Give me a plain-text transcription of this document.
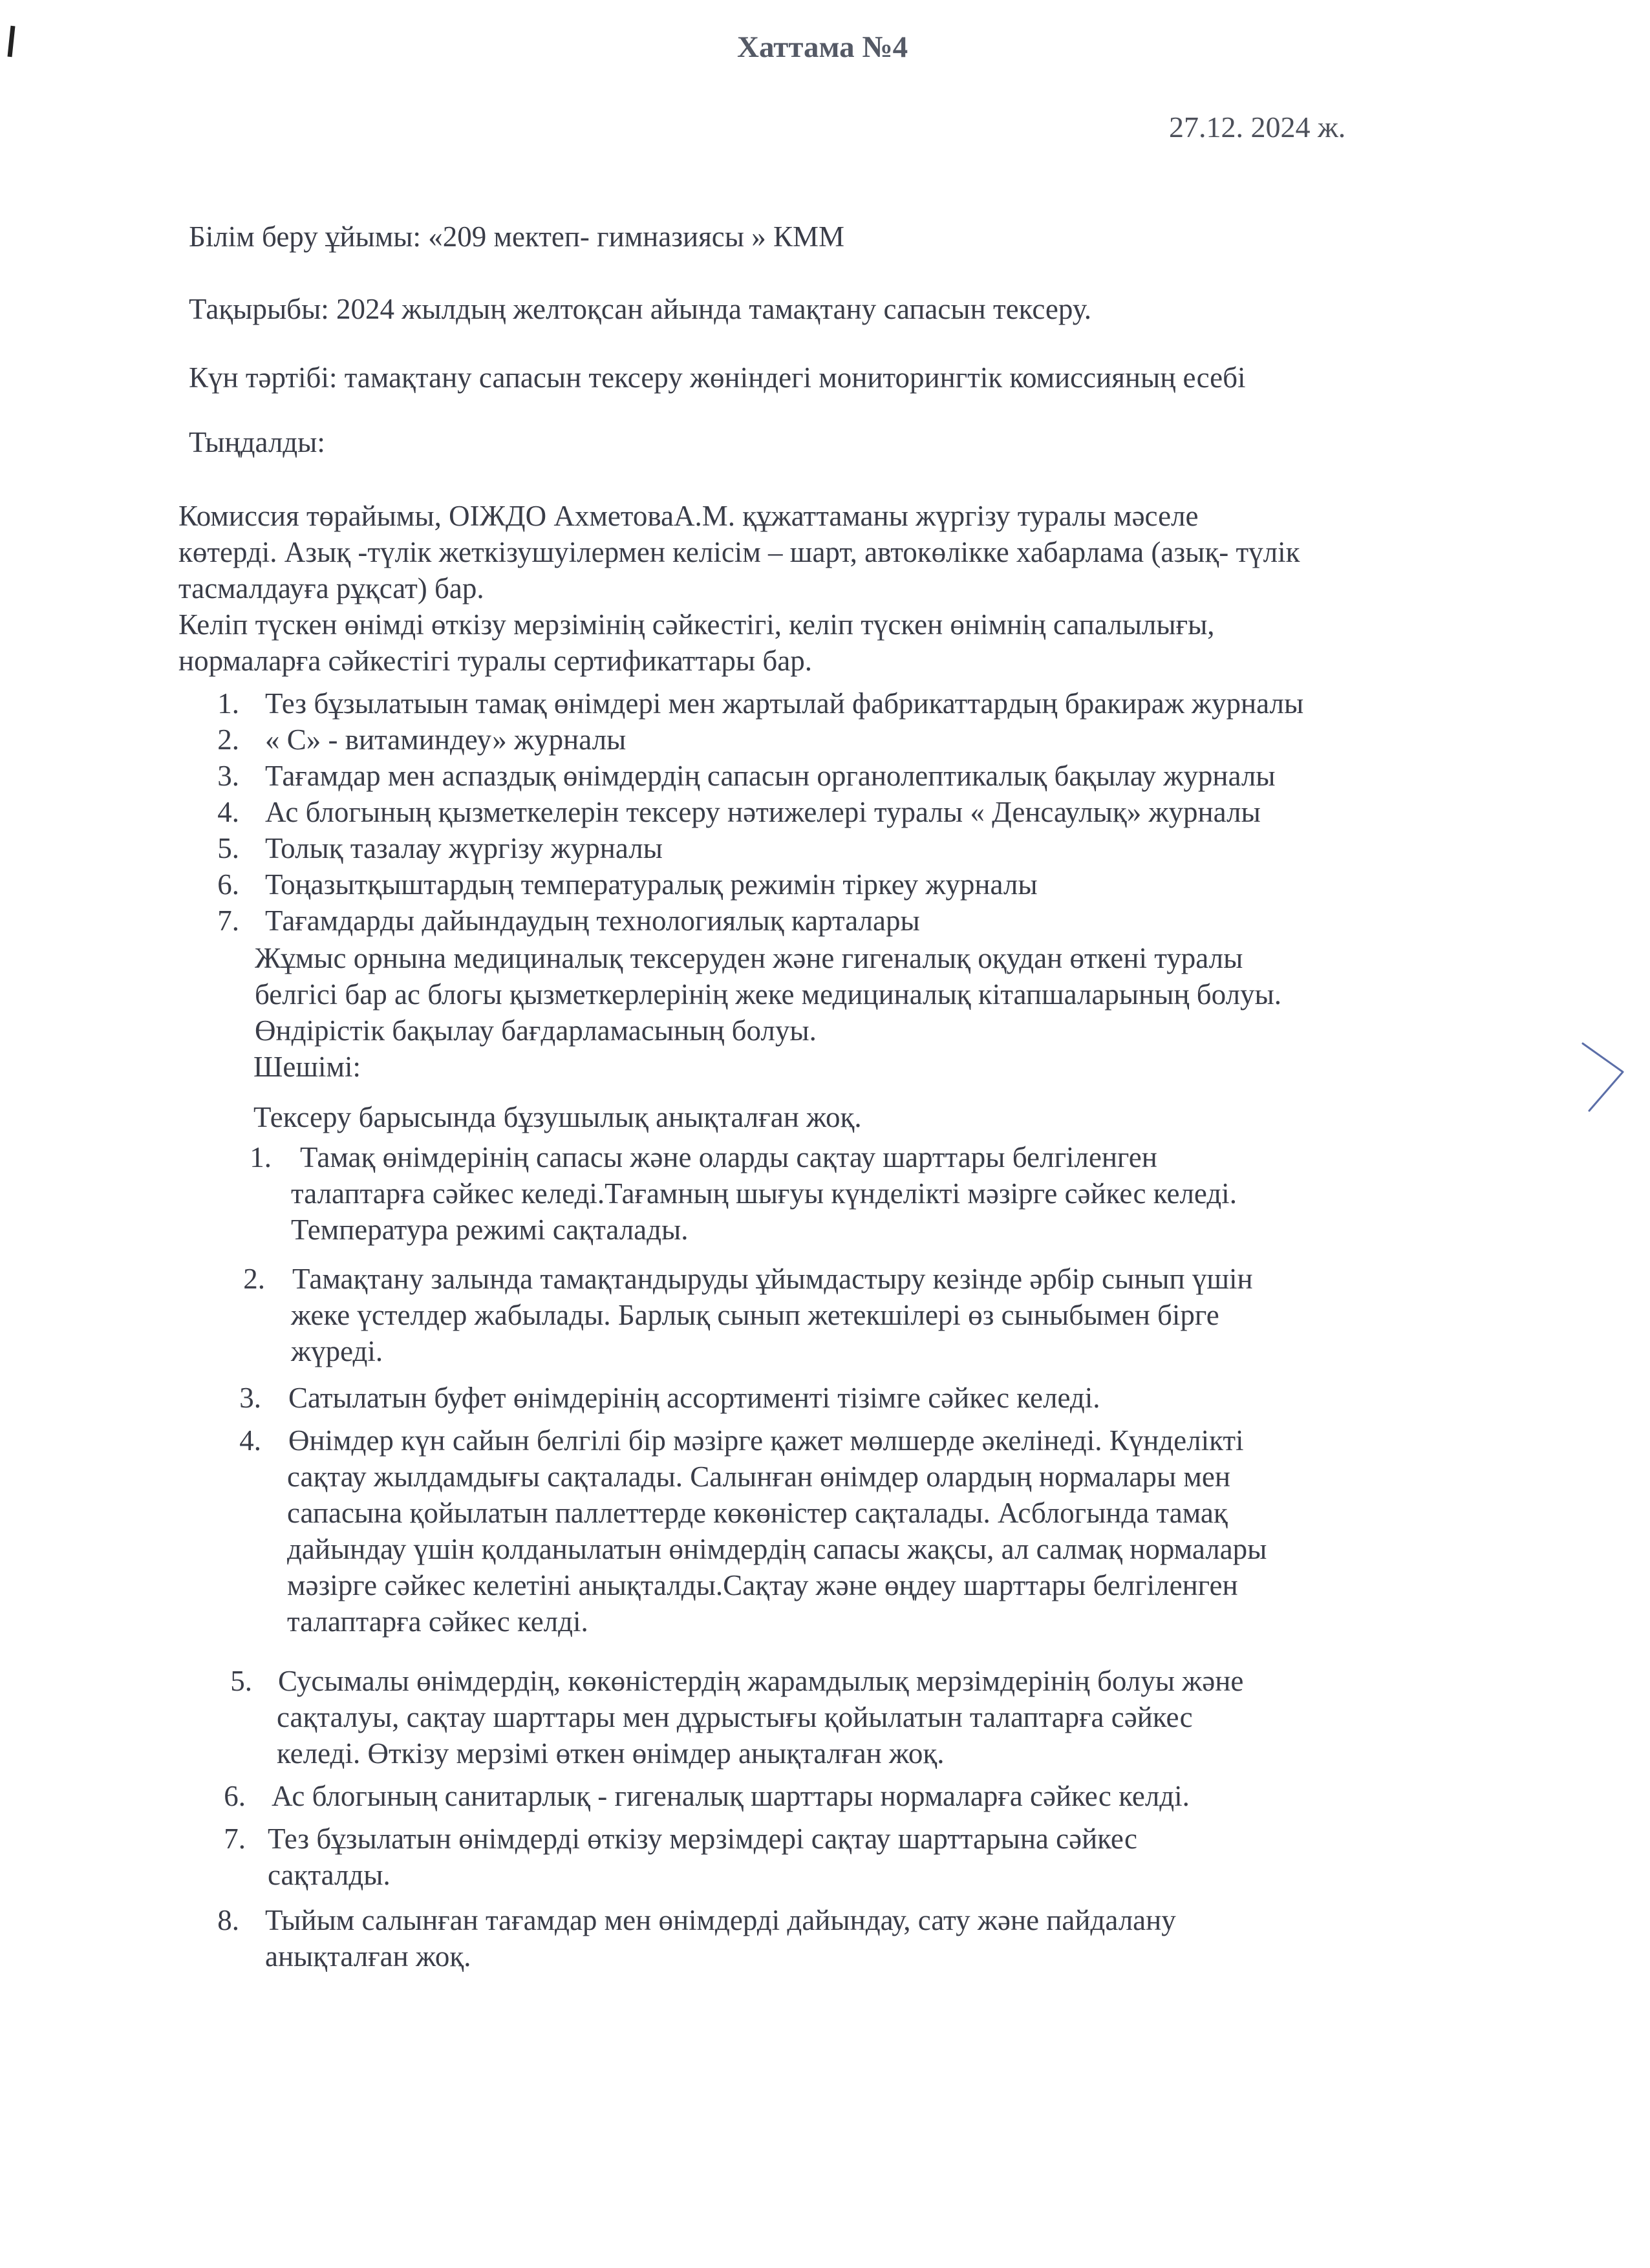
Хаттама №4
27.12. 2024 ж.
Білім беру ұйымы: «209 мектеп- гимназиясы » КММ
Тақырыбы: 2024 жылдың желтоқсан айында тамақтану сапасын тексеру.
Күн тәртібі: тамақтану сапасын тексеру жөніндегі мониторингтік комиссияның есебі
Тыңдалды:
Комиссия төрайымы, ОІЖДО АхметоваА.М. құжаттаманы жүргізу туралы мәселе
көтерді. Азық -түлік жеткізушуілермен келісім – шарт, автокөлікке хабарлама (азық- түлік
тасмалдауға рұқсат) бар.
Келіп түскен өнімді өткізу мерзімінің сәйкестігі, келіп түскен өнімнің сапалылығы,
нормаларға сәйкестігі туралы сертификаттары бар.
1. Тез бұзылатыын тамақ өнімдері мен жартылай фабрикаттардың бракираж журналы
2. « С» - витаминдеу» журналы
3. Тағамдар мен аспаздық өнімдердің сапасын органолептикалық бақылау журналы
4. Ас блогының қызметкелерін тексеру нәтижелері туралы « Денсаулық» журналы
5. Толық тазалау жүргізу журналы
6. Тоңазытқыштардың температуралық режимін тіркеу журналы
7. Тағамдарды дайындаудың технологиялық карталары
Жұмыс орнына медициналық тексеруден және гигеналық оқудан өткені туралы
белгісі бар ас блогы қызметкерлерінің жеке медициналық кітапшаларының болуы.
Өндірістік бақылау бағдарламасының болуы.
Шешімі:
Тексеру барысында бұзушылық анықталған жоқ.
1. Тамақ өнімдерінің сапасы және оларды сақтау шарттары белгіленген
талаптарға сәйкес келеді.Тағамның шығуы күнделікті мәзірге сәйкес келеді.
Температура режимі сақталады.
2. Тамақтану залында тамақтандыруды ұйымдастыру кезінде әрбір сынып үшін
жеке үстелдер жабылады. Барлық сынып жетекшілері өз сыныбымен бірге
жүреді.
3. Сатылатын буфет өнімдерінің ассортименті тізімге сәйкес келеді.
4. Өнімдер күн сайын белгілі бір мәзірге қажет мөлшерде әкелінеді. Күнделікті
сақтау жылдамдығы сақталады. Салынған өнімдер олардың нормалары мен
сапасына қойылатын паллеттерде көкөністер сақталады. Асблогында тамақ
дайындау үшін қолданылатын өнімдердің сапасы жақсы, ал салмақ нормалары
мәзірге сәйкес келетіні анықталды.Сақтау және өңдеу шарттары белгіленген
талаптарға сәйкес келді.
5. Сусымалы өнімдердің, көкөністердің жарамдылық мерзімдерінің болуы және
сақталуы, сақтау шарттары мен дұрыстығы қойылатын талаптарға сәйкес
келеді. Өткізу мерзімі өткен өнімдер анықталған жоқ.
6. Ас блогының санитарлық - гигеналық шарттары нормаларға сәйкес келді.
7. Тез бұзылатын өнімдерді өткізу мерзімдері сақтау шарттарына сәйкес
сақталды.
8. Тыйым салынған тағамдар мен өнімдерді дайындау, сату және пайдалану
анықталған жоқ.
